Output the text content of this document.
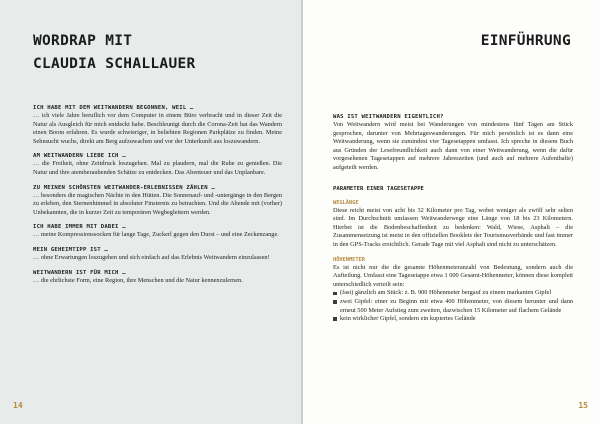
WORDRAP MIT
CLAUDIA SCHALLAUER

ICH HABE MIT DEM WEITWANDERN BEGONNEN, WEIL …

… ich viele Jahre beruflich vor dem Computer in einem Büro verbracht und in dieser Zeit die Natur als Ausgleich für mich entdeckt habe. Beschleunigt durch die Corona-Zeit hat das Wandern einen Boom erfahren. Es wurde schwieriger, in beliebten Regionen Parkplätze zu finden. Meine Sehnsucht wuchs, direkt am Berg aufzuwachen und vor der Unterkunft aus loszuwandern.

AM WEITWANDERN LIEBE ICH …

… die Freiheit, ohne Zeitdruck loszugehen. Mal zu plaudern, mal die Ruhe zu genießen. Die Natur und ihre atemberaubenden Schätze zu entdecken. Das Abenteuer und das Unplanbare.

ZU MEINEN SCHÖNSTEN WEITWANDER-ERLEBNISSEN ZÄHLEN …

… besonders die magischen Nächte in den Hütten. Die Sonnenauf- und -untergänge in den Bergen zu erleben, den Sternenhimmel in absoluter Finsternis zu betrachten. Und die Abende mit (vorher) Unbekannten, die in kurzer Zeit zu temporären Wegbegleitern werden.

ICH HABE IMMER MIT DABEI …

… meine Kompressionssocken für lange Tage, Zuckerl gegen den Durst – und eine Zeckenzange.

MEIN GEHEIMTIPP IST …

… ohne Erwartungen loszugehen und sich einfach auf das Erlebnis Weitwandern einzulassen!

WEITWANDERN IST FÜR MICH …

… die ehrlichste Form, eine Region, ihre Menschen und die Natur kennenzulernen.

14
EINFÜHRUNG

WAS IST WEITWANDERN EIGENTLICH?

Von Weitwandern wird meist bei Wanderungen von mindestens fünf Tagen am Stück gesprochen, darunter von Mehrtageswanderungen. Für mich persönlich ist es dann eine Weitwanderung, wenn sie zumindest vier Tagesetappen umfasst. Ich spreche in diesem Buch aus Gründen der Lesefreundlichkeit auch dann von einer Weitwanderung, wenn die dafür vorgesehenen Tagesetappen auf mehrere Jahreszeiten (und auch auf mehrere Aufenthalte) aufgeteilt werden.

PARAMETER EINER TAGESETAPPE

WEGLÄNGE

Diese reicht meist von acht bis 32 Kilometer pro Tag, wobei weniger als zwölf sehr selten sind. Im Durchschnitt umfassen Weitwanderwege eine Länge von 18 bis 23 Kilometern. Hierbei ist die Bodenbeschaffenheit zu bedenken: Wald, Wiese, Asphalt – die Zusammensetzung ist meist in den offiziellen Booklets der Tourismusverbände und fast immer in den GPS-Tracks ersichtlich. Gerade Tage mit viel Asphalt sind nicht zu unterschätzen.

HÖHENMETER

Es ist nicht nur die die gesamte Höhenmeteranzahl von Bedeutung, sondern auch die Aufteilung. Umfasst eine Tagesetappe etwa 1 000 Gesamt-Höhenmeter, können diese komplett unterschiedlich verteilt sein:

(fast) gänzlich am Stück: z. B. 900 Höhenmeter bergauf zu einem markanten Gipfel
zwei Gipfel: einer zu Beginn mit etwa 400 Höhenmeter, von diesem herunter und dann erneut 500 Meter Aufstieg zum zweiten, dazwischen 15 Kilometer auf flachem Gelände
kein wirklicher Gipfel, sondern ein kupiertes Gelände
15
